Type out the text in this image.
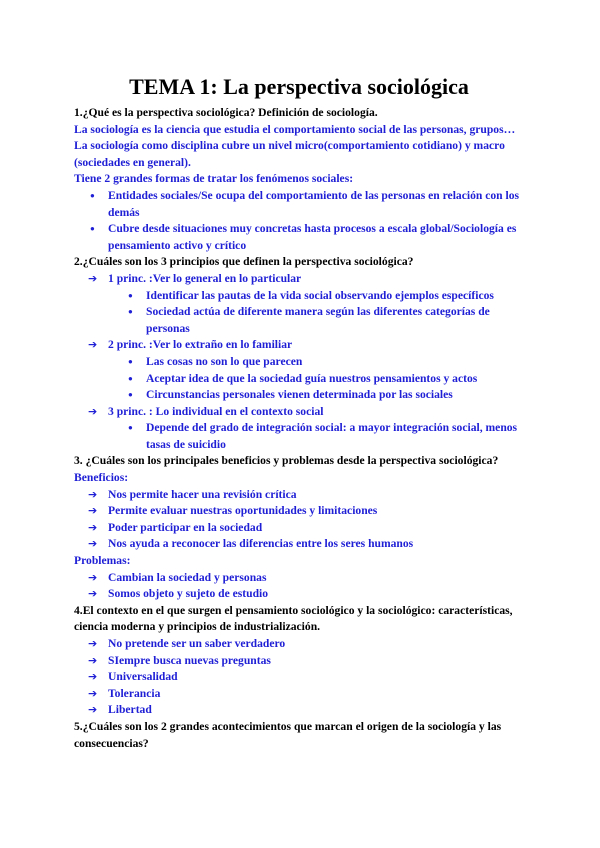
TEMA 1: La perspectiva sociológica

1.¿Qué es la perspectiva sociológica? Definición de sociología.

La sociología es la ciencia que estudia el comportamiento social de las personas, grupos…La sociología como disciplina cubre un nivel micro(comportamiento cotidiano) y macro (sociedades en general).

Tiene 2 grandes formas de tratar los fenómenos sociales:

● Entidades sociales/Se ocupa del comportamiento de las personas en relación con los demás
● Cubre desde situaciones muy concretas hasta procesos a escala global/Sociología es pensamiento activo y crítico

2.¿Cuáles son los 3 principios que definen la perspectiva sociológica?

➔ 1 princ. :Ver lo general en lo particular
● Identificar las pautas de la vida social observando ejemplos específicos
● Sociedad actúa de diferente manera según las diferentes categorías de personas
➔ 2 princ. :Ver lo extraño en lo familiar
● Las cosas no son lo que parecen
● Aceptar idea de que la sociedad guía nuestros pensamientos y actos
● Circunstancias personales vienen determinada por las sociales
➔ 3 princ. : Lo individual en el contexto social
● Depende del grado de integración social: a mayor integración social, menos tasas de suicidio

3. ¿Cuáles son los principales beneficios y problemas desde la perspectiva sociológica?

Beneficios:

➔ Nos permite hacer una revisión crítica
➔ Permite evaluar nuestras oportunidades y limitaciones
➔ Poder participar en la sociedad
➔ Nos ayuda a reconocer las diferencias entre los seres humanos

Problemas:

➔ Cambian la sociedad y personas
➔ Somos objeto y sujeto de estudio

4.El contexto en el que surgen el pensamiento sociológico y la sociológico: características, ciencia moderna y principios de industrialización.

➔ No pretende ser un saber verdadero
➔ SIempre busca nuevas preguntas
➔ Universalidad
➔ Tolerancia
➔ Libertad

5.¿Cuáles son los 2 grandes acontecimientos que marcan el origen de la sociología y las consecuencias?
